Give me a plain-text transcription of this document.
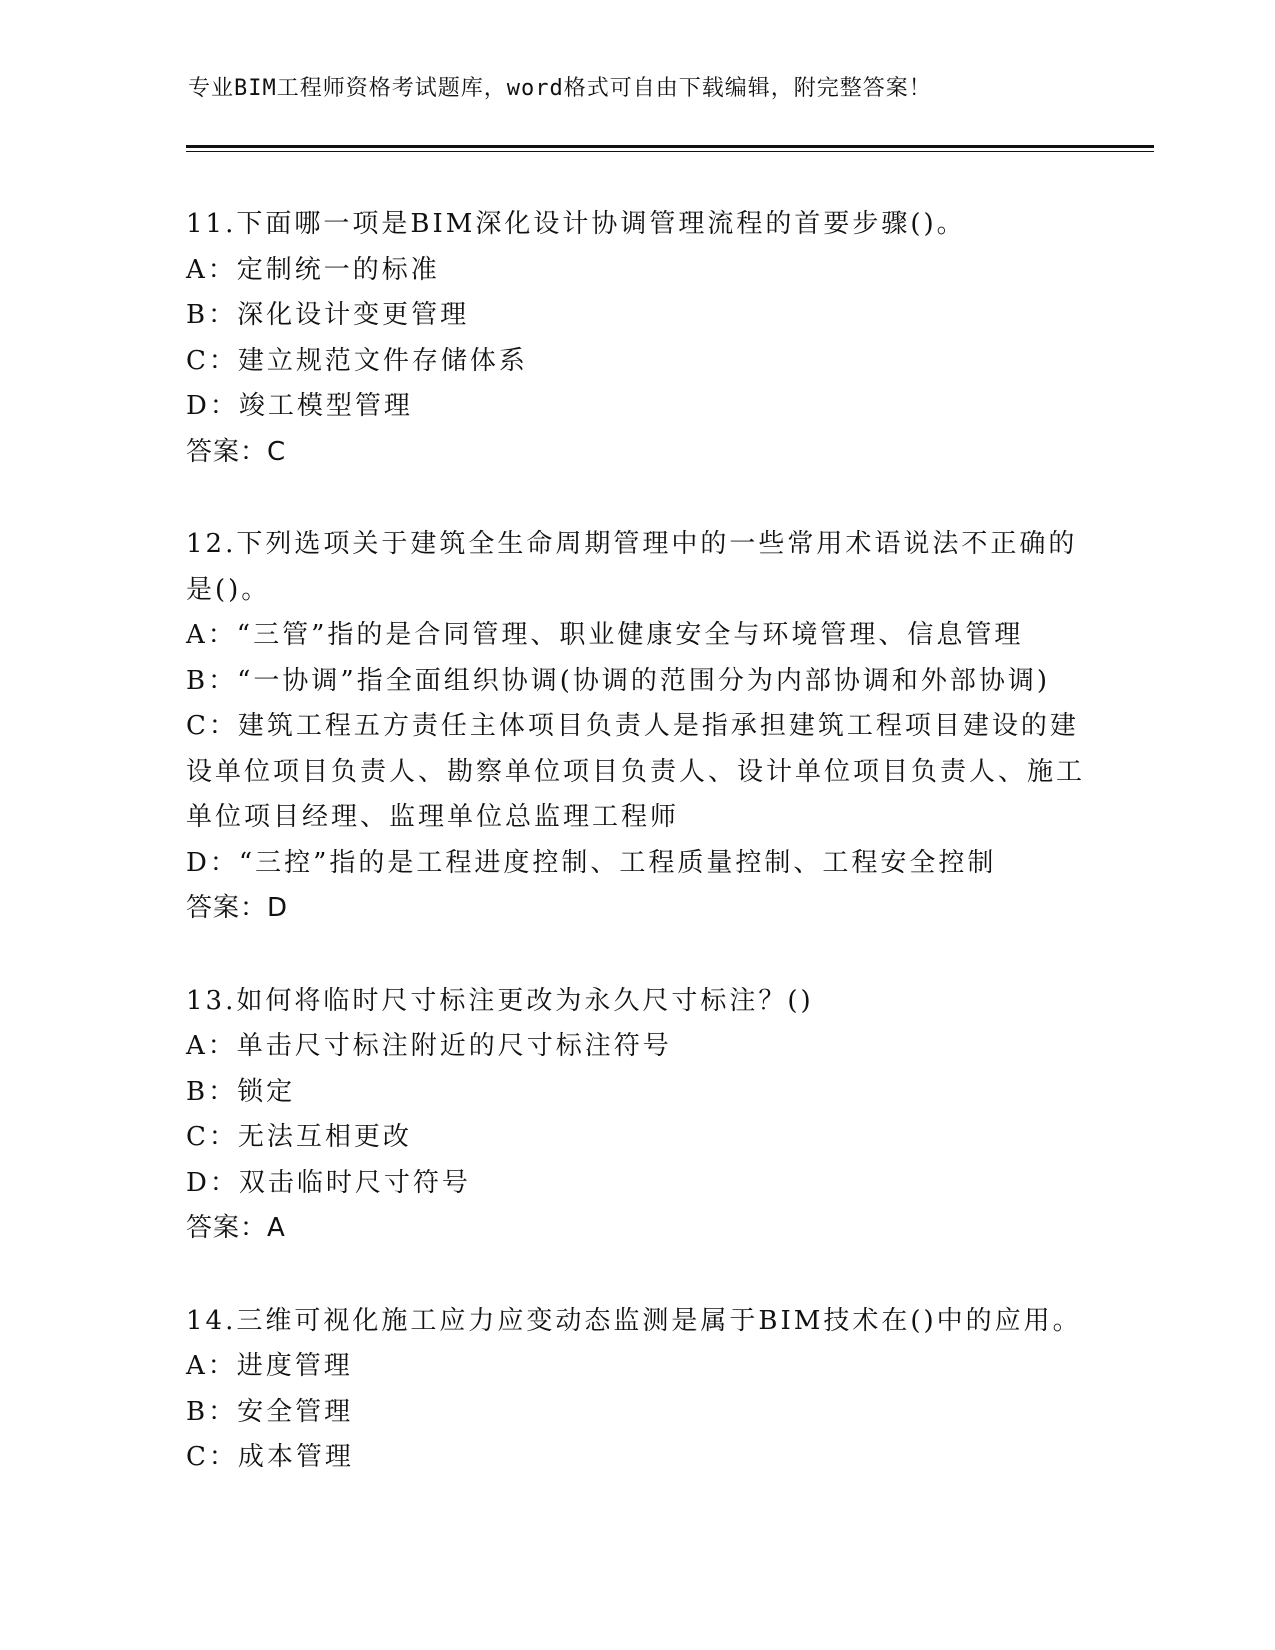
专业BIM工程师资格考试题库，word格式可自由下载编辑，附完整答案！

11.下面哪一项是BIM深化设计协调管理流程的首要步骤()。

A：定制统一的标准

B：深化设计变更管理

C：建立规范文件存储体系

D：竣工模型管理

答案：C

12.下列选项关于建筑全生命周期管理中的一些常用术语说法不正确的是()。

A：“三管”指的是合同管理、职业健康安全与环境管理、信息管理

B：“一协调”指全面组织协调(协调的范围分为内部协调和外部协调)

C：建筑工程五方责任主体项目负责人是指承担建筑工程项目建设的建设单位项目负责人、勘察单位项目负责人、设计单位项目负责人、施工单位项目经理、监理单位总监理工程师

D：“三控”指的是工程进度控制、工程质量控制、工程安全控制

答案：D

13.如何将临时尺寸标注更改为永久尺寸标注？()

A：单击尺寸标注附近的尺寸标注符号

B：锁定

C：无法互相更改

D：双击临时尺寸符号

答案：A

14.三维可视化施工应力应变动态监测是属于BIM技术在()中的应用。

A：进度管理

B：安全管理

C：成本管理
